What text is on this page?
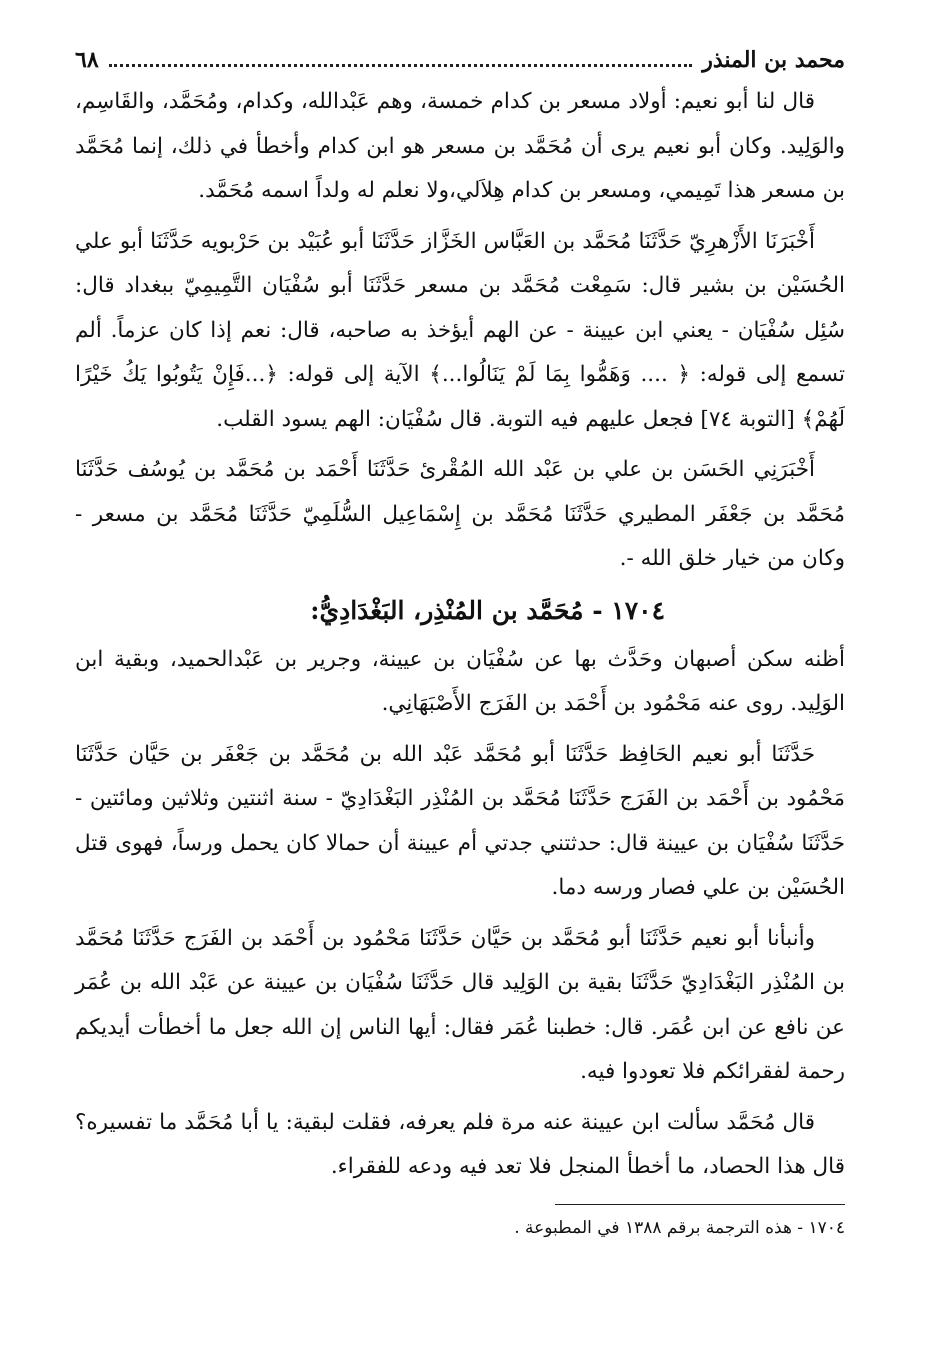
محمد بن المنذر
٦٨

قال لنا أبو نعيم: أولاد مسعر بن كدام خمسة، وهم عَبْدالله، وكدام، ومُحَمَّد، والقَاسِم، والوَلِيد. وكان أبو نعيم يرى أن مُحَمَّد بن مسعر هو ابن كدام وأخطأ في ذلك، إنما مُحَمَّد بن مسعر هذا تَمِيمي، ومسعر بن كدام هِلاَلي،ولا نعلم له ولداً اسمه مُحَمَّد.

أَخْبَرَنَا الأَزْهرِيّ حَدَّثَنَا مُحَمَّد بن العَبَّاس الخَزَّاز حَدَّثَنَا أبو عُبَيْد بن حَرْبويه حَدَّثَنَا أبو علي الحُسَيْن بن بشير قال: سَمِعْت مُحَمَّد بن مسعر حَدَّثَنَا أبو سُفْيَان التَّمِيمِيّ ببغداد قال: سُئِل سُفْيَان - يعني ابن عيينة - عن الهم أيؤخذ به صاحبه، قال: نعم إذا كان عزماً. ألم تسمع إلى قوله: ﴿ .... وَهَمُّوا بِمَا لَمْ يَنَالُوا...﴾ الآية إلى قوله: ﴿...فَإِنْ يَتُوبُوا يَكُ خَيْرًا لَهُمْ﴾ [التوبة ٧٤] فجعل عليهم فيه التوبة. قال سُفْيَان: الهم يسود القلب.

أَخْبَرَنِي الحَسَن بن علي بن عَبْد الله المُقْرئ حَدَّثَنَا أَحْمَد بن مُحَمَّد بن يُوسُف حَدَّثَنَا مُحَمَّد بن جَعْفَر المطيري حَدَّثَنَا مُحَمَّد بن إِسْمَاعِيل السُّلَمِيّ حَدَّثَنَا مُحَمَّد بن مسعر - وكان من خيار خلق الله -.

١٧٠٤ - مُحَمَّد بن المُنْذِر، البَغْدَادِيُّ:

أظنه سكن أصبهان وحَدَّث بها عن سُفْيَان بن عيينة، وجرير بن عَبْدالحميد، وبقية ابن الوَلِيد. روى عنه مَحْمُود بن أَحْمَد بن الفَرَج الأَصْبَهَانِي.

حَدَّثَنَا أبو نعيم الحَافِظ حَدَّثَنَا أبو مُحَمَّد عَبْد الله بن مُحَمَّد بن جَعْفَر بن حَيَّان حَدَّثَنَا مَحْمُود بن أَحْمَد بن الفَرَج حَدَّثَنَا مُحَمَّد بن المُنْذِر البَغْدَادِيّ - سنة اثنتين وثلاثين ومائتين - حَدَّثَنَا سُفْيَان بن عيينة قال: حدثتني جدتي أم عيينة أن حمالا كان يحمل ورساً، فهوى قتل الحُسَيْن بن علي فصار ورسه دما.

وأنبأنا أبو نعيم حَدَّثَنَا أبو مُحَمَّد بن حَيَّان حَدَّثَنَا مَحْمُود بن أَحْمَد بن الفَرَج حَدَّثَنَا مُحَمَّد بن المُنْذِر البَغْدَادِيّ حَدَّثَنَا بقية بن الوَلِيد قال حَدَّثَنَا سُفْيَان بن عيينة عن عَبْد الله بن عُمَر عن نافع عن ابن عُمَر. قال: خطبنا عُمَر فقال: أيها الناس إن الله جعل ما أخطأت أيديكم رحمة لفقرائكم فلا تعودوا فيه.

قال مُحَمَّد سألت ابن عيينة عنه مرة فلم يعرفه، فقلت لبقية: يا أبا مُحَمَّد ما تفسيره؟ قال هذا الحصاد، ما أخطأ المنجل فلا تعد فيه ودعه للفقراء.

١٧٠٤ - هذه الترجمة برقم ١٣٨٨ في المطبوعة .
